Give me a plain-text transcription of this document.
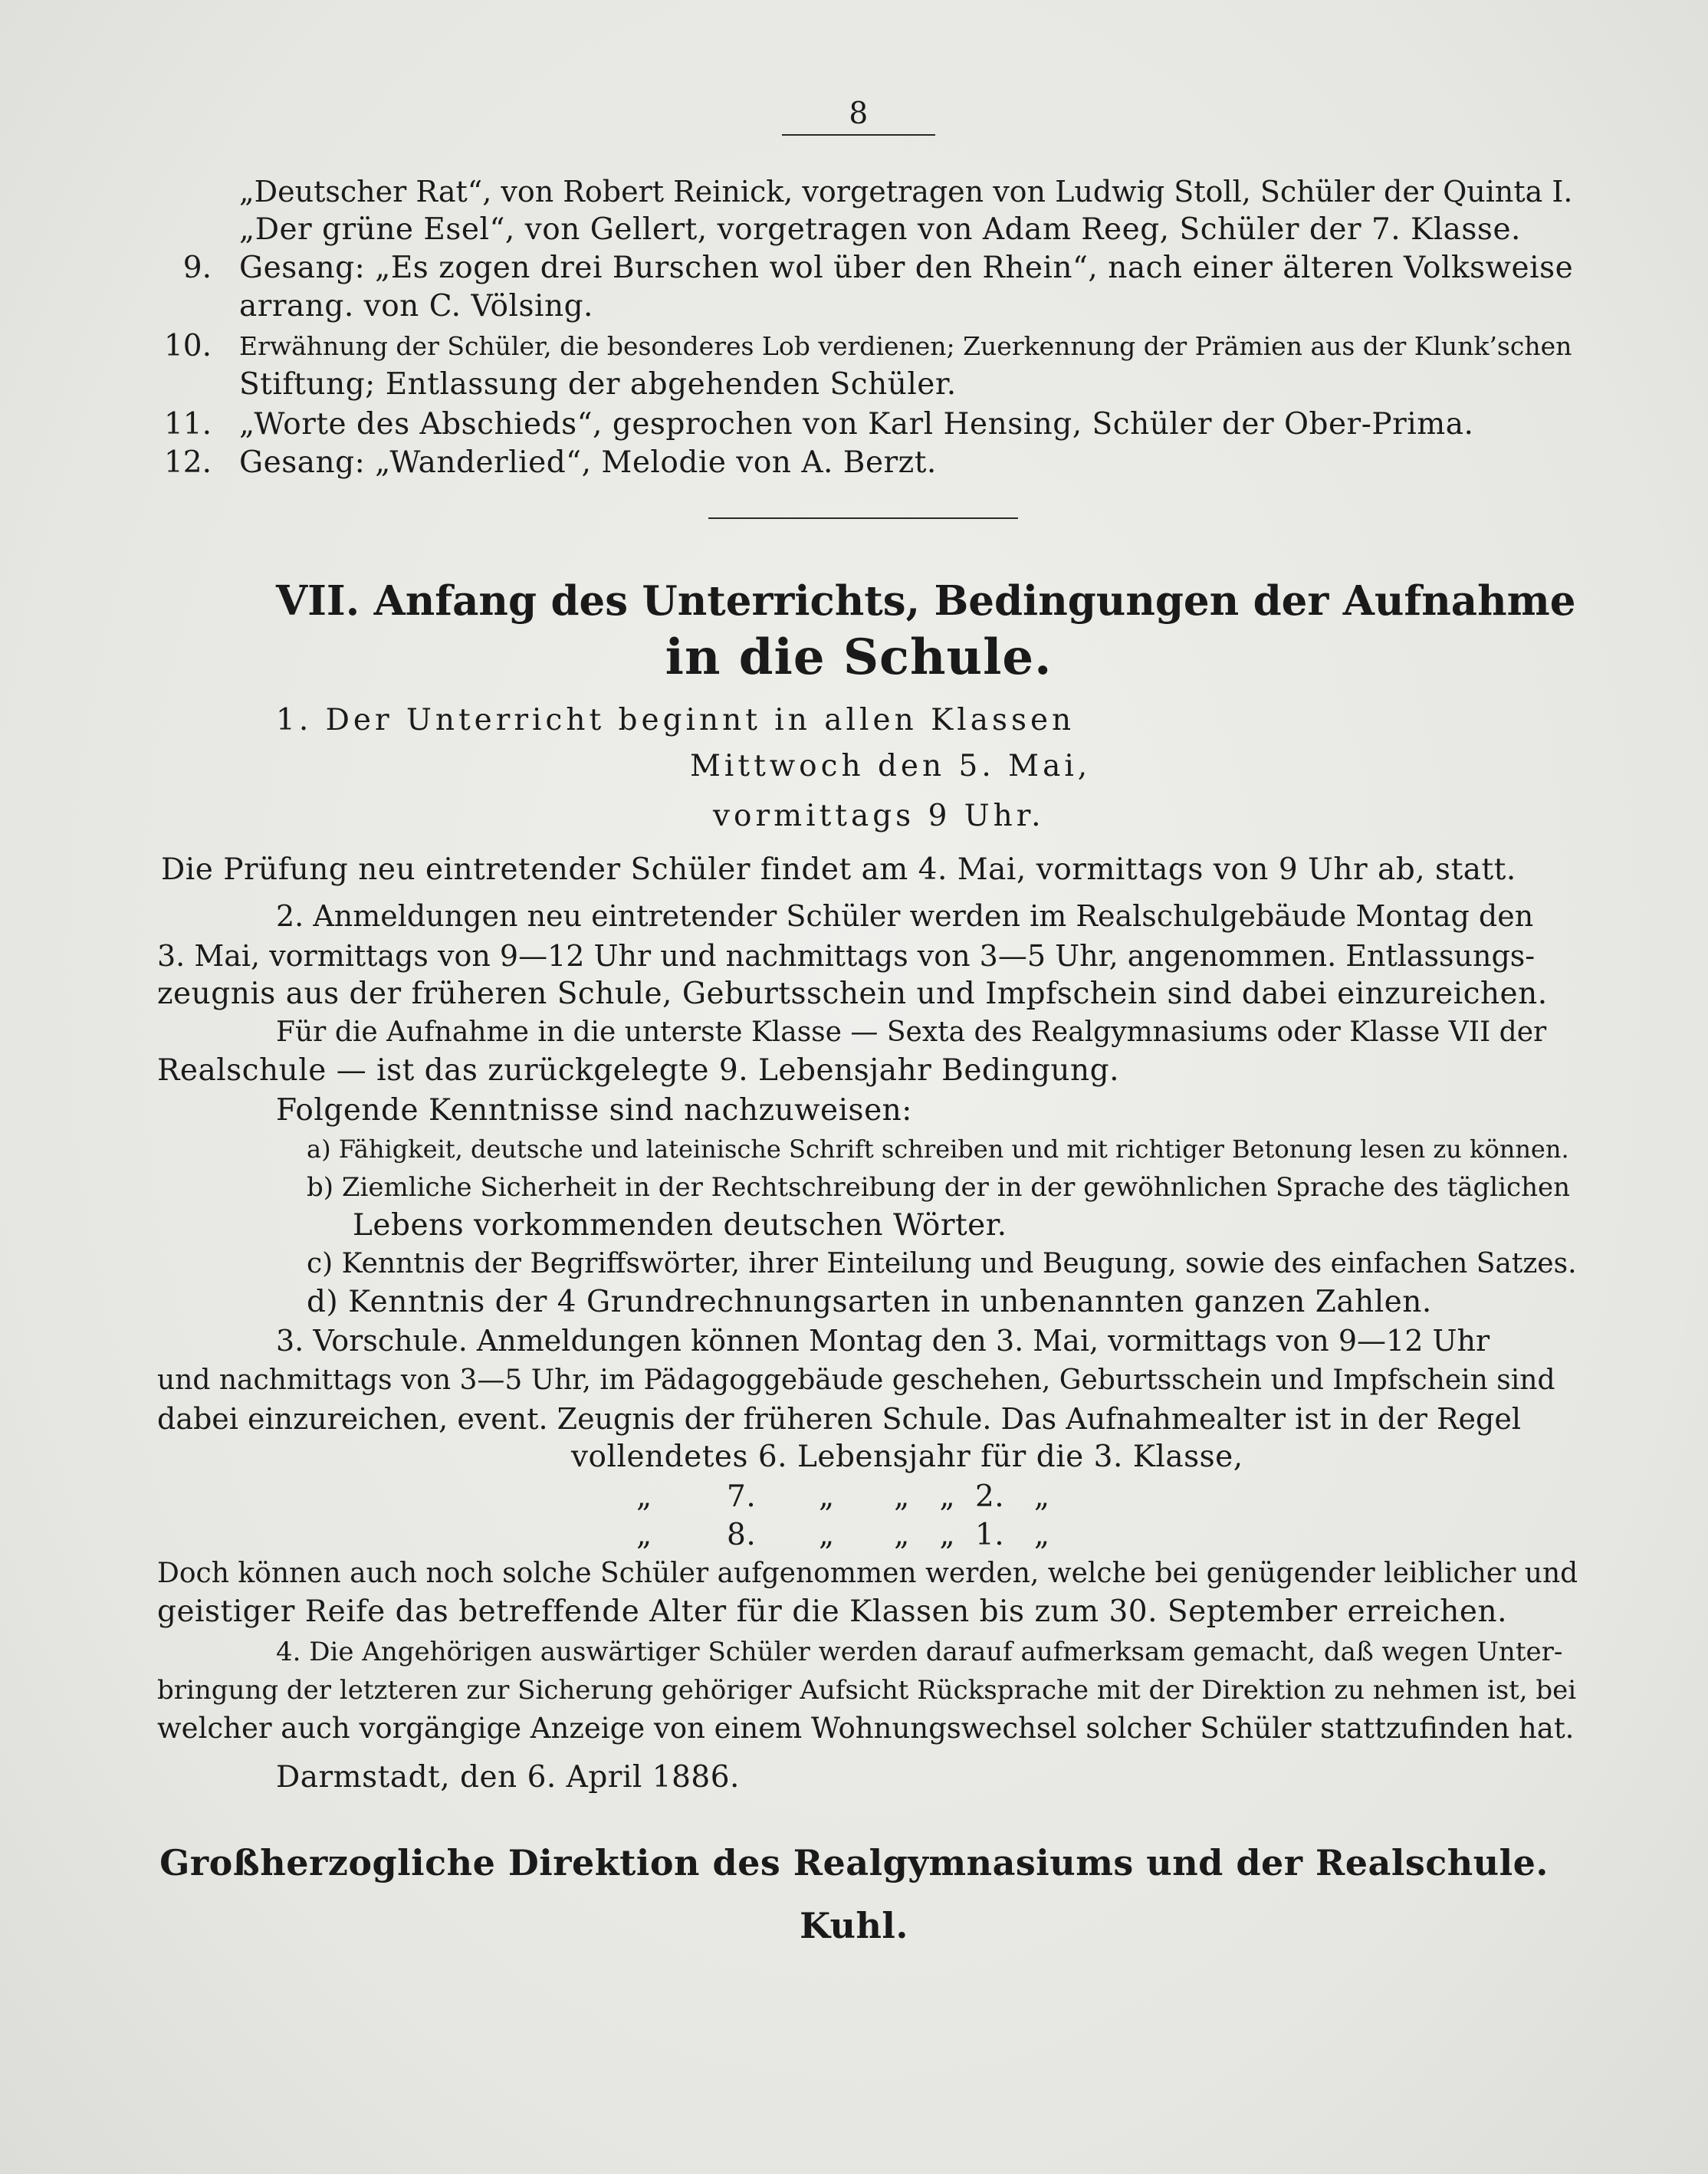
8
„Deutscher Rat“, von Robert Reinick, vorgetragen von Ludwig Stoll, Schüler der Quinta I.
„Der grüne Esel“, von Gellert, vorgetragen von Adam Reeg, Schüler der 7. Klasse.
9. Gesang: „Es zogen drei Burschen wol über den Rhein“, nach einer älteren Volksweise
arrang. von C. Völsing.
10. Erwähnung der Schüler, die besonderes Lob verdienen; Zuerkennung der Prämien aus der Klunk’schen
Stiftung; Entlassung der abgehenden Schüler.
11. „Worte des Abschieds“, gesprochen von Karl Hensing, Schüler der Ober-Prima.
12. Gesang: „Wanderlied“, Melodie von A. Berzt.
VII. Anfang des Unterrichts, Bedingungen der Aufnahme
in die Schule.
1. Der Unterricht beginnt in allen Klassen
Mittwoch den 5. Mai,
vormittags 9 Uhr.
Die Prüfung neu eintretender Schüler findet am 4. Mai, vormittags von 9 Uhr ab, statt.
2. Anmeldungen neu eintretender Schüler werden im Realschulgebäude Montag den
3. Mai, vormittags von 9—12 Uhr und nachmittags von 3—5 Uhr, angenommen. Entlassungs-
zeugnis aus der früheren Schule, Geburtsschein und Impfschein sind dabei einzureichen.
Für die Aufnahme in die unterste Klasse — Sexta des Realgymnasiums oder Klasse VII der
Realschule — ist das zurückgelegte 9. Lebensjahr Bedingung.
Folgende Kenntnisse sind nachzuweisen:
a) Fähigkeit, deutsche und lateinische Schrift schreiben und mit richtiger Betonung lesen zu können.
b) Ziemliche Sicherheit in der Rechtschreibung der in der gewöhnlichen Sprache des täglichen
Lebens vorkommenden deutschen Wörter.
c) Kenntnis der Begriffswörter, ihrer Einteilung und Beugung, sowie des einfachen Satzes.
d) Kenntnis der 4 Grundrechnungsarten in unbenannten ganzen Zahlen.
3. Vorschule. Anmeldungen können Montag den 3. Mai, vormittags von 9—12 Uhr
und nachmittags von 3—5 Uhr, im Pädagoggebäude geschehen, Geburtsschein und Impfschein sind
dabei einzureichen, event. Zeugnis der früheren Schule. Das Aufnahmealter ist in der Regel
vollendetes 6. Lebensjahr für die 3. Klasse,
„ 7. „      „   „  2.   „
„ 8. „      „   „  1.   „
Doch können auch noch solche Schüler aufgenommen werden, welche bei genügender leiblicher und
geistiger Reife das betreffende Alter für die Klassen bis zum 30. September erreichen.
4. Die Angehörigen auswärtiger Schüler werden darauf aufmerksam gemacht, daß wegen Unter-
bringung der letzteren zur Sicherung gehöriger Aufsicht Rücksprache mit der Direktion zu nehmen ist, bei
welcher auch vorgängige Anzeige von einem Wohnungswechsel solcher Schüler stattzufinden hat.
Darmstadt, den 6. April 1886.
Großherzogliche Direktion des Realgymnasiums und der Realschule.
Kuhl.
